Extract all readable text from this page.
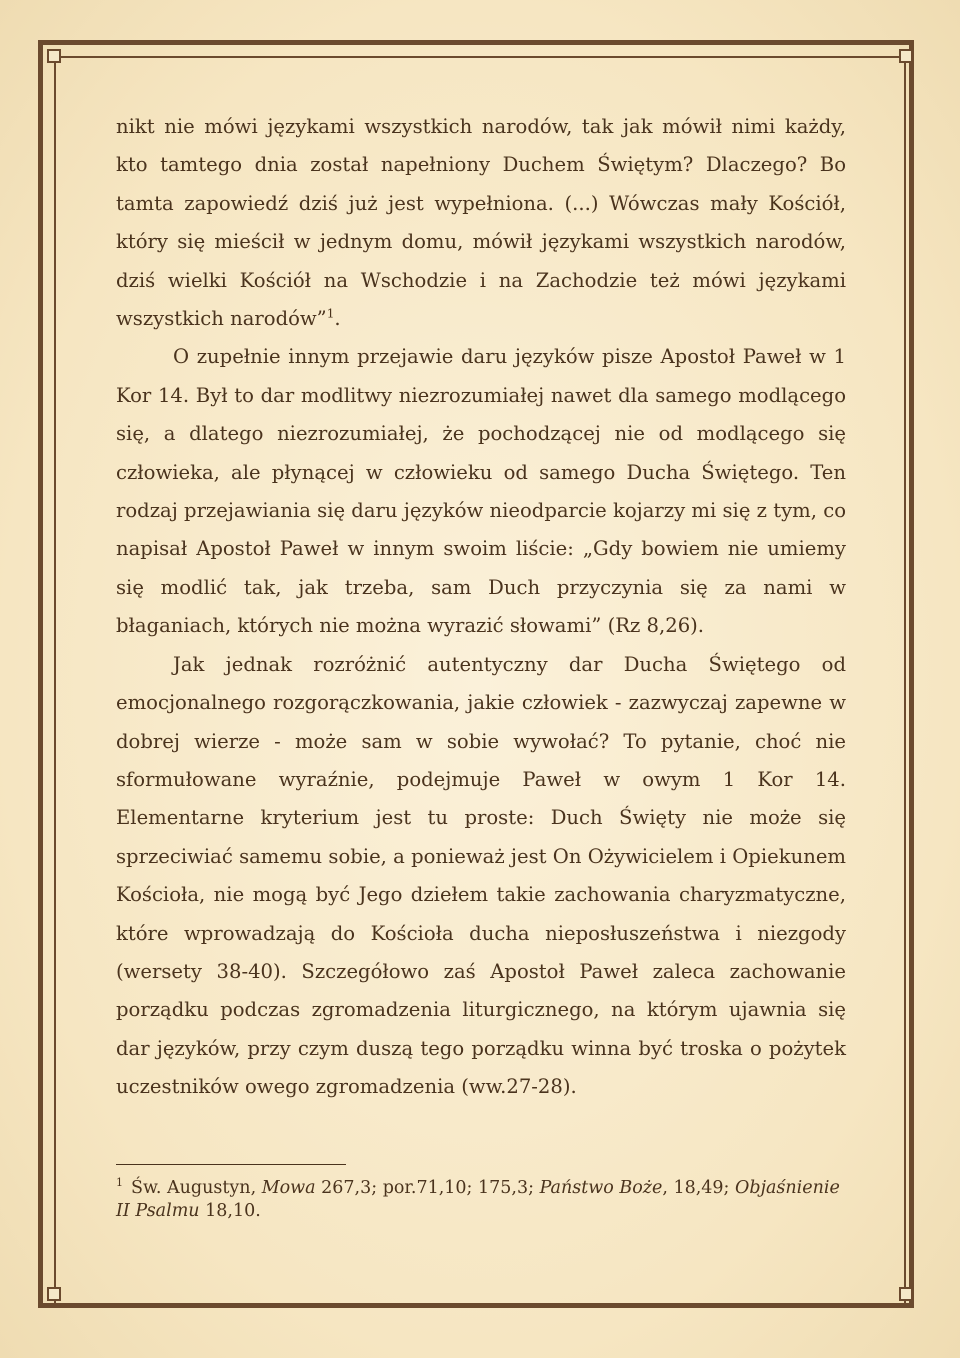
nikt nie mówi językami wszystkich narodów, tak jak mówił nimi każdy, kto tamtego dnia został napełniony Duchem Świętym? Dlaczego? Bo tamta zapowiedź dziś już jest wypełniona. (...) Wówczas mały Kościół, który się mieścił w jednym domu, mówił językami wszystkich narodów, dziś wielki Kościół na Wschodzie i na Zachodzie też mówi językami wszystkich narodów”$^1$.

O zupełnie innym przejawie daru języków pisze Apostoł Paweł w 1 Kor 14. Był to dar modlitwy niezrozumiałej nawet dla samego modlącego się, a dlatego niezrozumiałej, że pochodzącej nie od modlącego się człowieka, ale płynącej w człowieku od samego Ducha Świętego. Ten rodzaj przejawiania się daru języków nieodparcie kojarzy mi się z tym, co napisał Apostoł Paweł w innym swoim liście: „Gdy bowiem nie umiemy się modlić tak, jak trzeba, sam Duch przyczynia się za nami w błaganiach, których nie można wyrazić słowami” (Rz 8,26).

Jak jednak rozróżnić autentyczny dar Ducha Świętego od emocjonalnego rozgorączkowania, jakie człowiek - zazwyczaj zapewne w dobrej wierze - może sam w sobie wywołać? To pytanie, choć nie sformułowane wyraźnie, podejmuje Paweł w owym 1 Kor 14. Elementarne kryterium jest tu proste: Duch Święty nie może się sprzeciwiać samemu sobie, a ponieważ jest On Ożywicielem i Opiekunem Kościoła, nie mogą być Jego dziełem takie zachowania charyzmatyczne, które wprowadzają do Kościoła ducha nieposłuszeństwa i niezgody (wersety 38-40). Szczegółowo zaś Apostoł Paweł zaleca zachowanie porządku podczas zgromadzenia liturgicznego, na którym ujawnia się dar języków, przy czym duszą tego porządku winna być troska o pożytek uczestników owego zgromadzenia (ww.27-28).

$^1$ Św. Augustyn, Mowa 267,3; por.71,10; 175,3; Państwo Boże, 18,49; Objaśnienie II Psalmu 18,10.
